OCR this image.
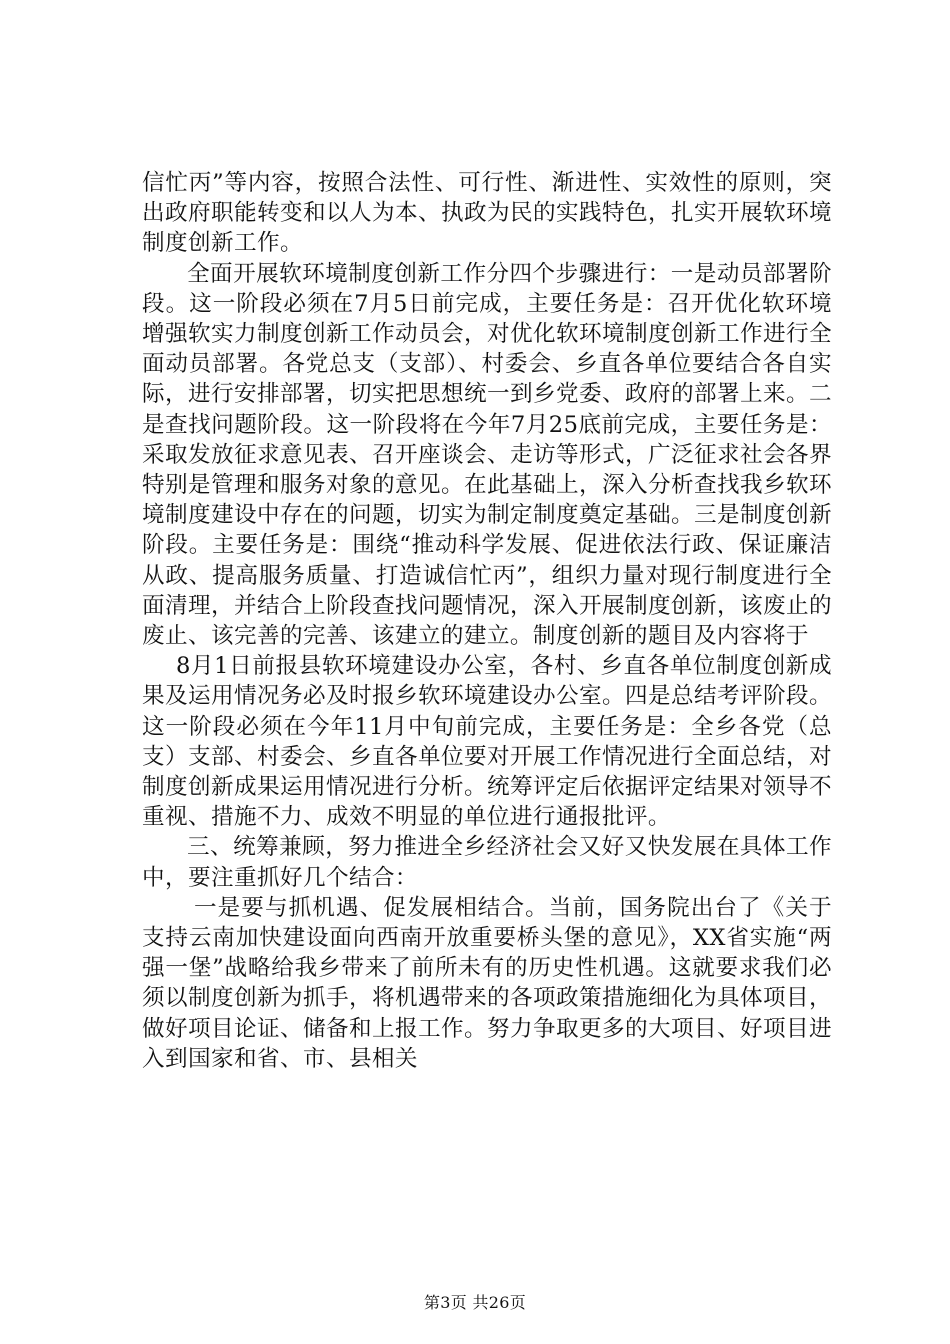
信忙丙”等内容，按照合法性、可行性、渐进性、实效性的原则，突出政府职能转变和以人为本、执政为民的实践特色，扎实开展软环境制度创新工作。

全面开展软环境制度创新工作分四个步骤进行：一是动员部署阶段。这一阶段必须在7月5日前完成，主要任务是：召开优化软环境增强软实力制度创新工作动员会，对优化软环境制度创新工作进行全面动员部署。各党总支（支部）、村委会、乡直各单位要结合各自实际，进行安排部署，切实把思想统一到乡党委、政府的部署上来。二是查找问题阶段。这一阶段将在今年7月25底前完成，主要任务是：采取发放征求意见表、召开座谈会、走访等形式，广泛征求社会各界特别是管理和服务对象的意见。在此基础上，深入分析查找我乡软环境制度建设中存在的问题，切实为制定制度奠定基础。三是制度创新阶段。主要任务是：围绕“推动科学发展、促进依法行政、保证廉洁从政、提高服务质量、打造诚信忙丙”，组织力量对现行制度进行全面清理，并结合上阶段查找问题情况，深入开展制度创新，该废止的废止、该完善的完善、该建立的建立。制度创新的题目及内容将于

8月1日前报县软环境建设办公室，各村、乡直各单位制度创新成果及运用情况务必及时报乡软环境建设办公室。四是总结考评阶段。这一阶段必须在今年11月中旬前完成，主要任务是：全乡各党（总支）支部、村委会、乡直各单位要对开展工作情况进行全面总结，对制度创新成果运用情况进行分析。统筹评定后依据评定结果对领导不重视、措施不力、成效不明显的单位进行通报批评。

三、统筹兼顾，努力推进全乡经济社会又好又快发展在具体工作中，要注重抓好几个结合：

一是要与抓机遇、促发展相结合。当前，国务院出台了《关于支持云南加快建设面向西南开放重要桥头堡的意见》，XX省实施“两强一堡”战略给我乡带来了前所未有的历史性机遇。这就要求我们必须以制度创新为抓手，将机遇带来的各项政策措施细化为具体项目，做好项目论证、储备和上报工作。努力争取更多的大项目、好项目进入到国家和省、市、县相关

第3页 共26页
